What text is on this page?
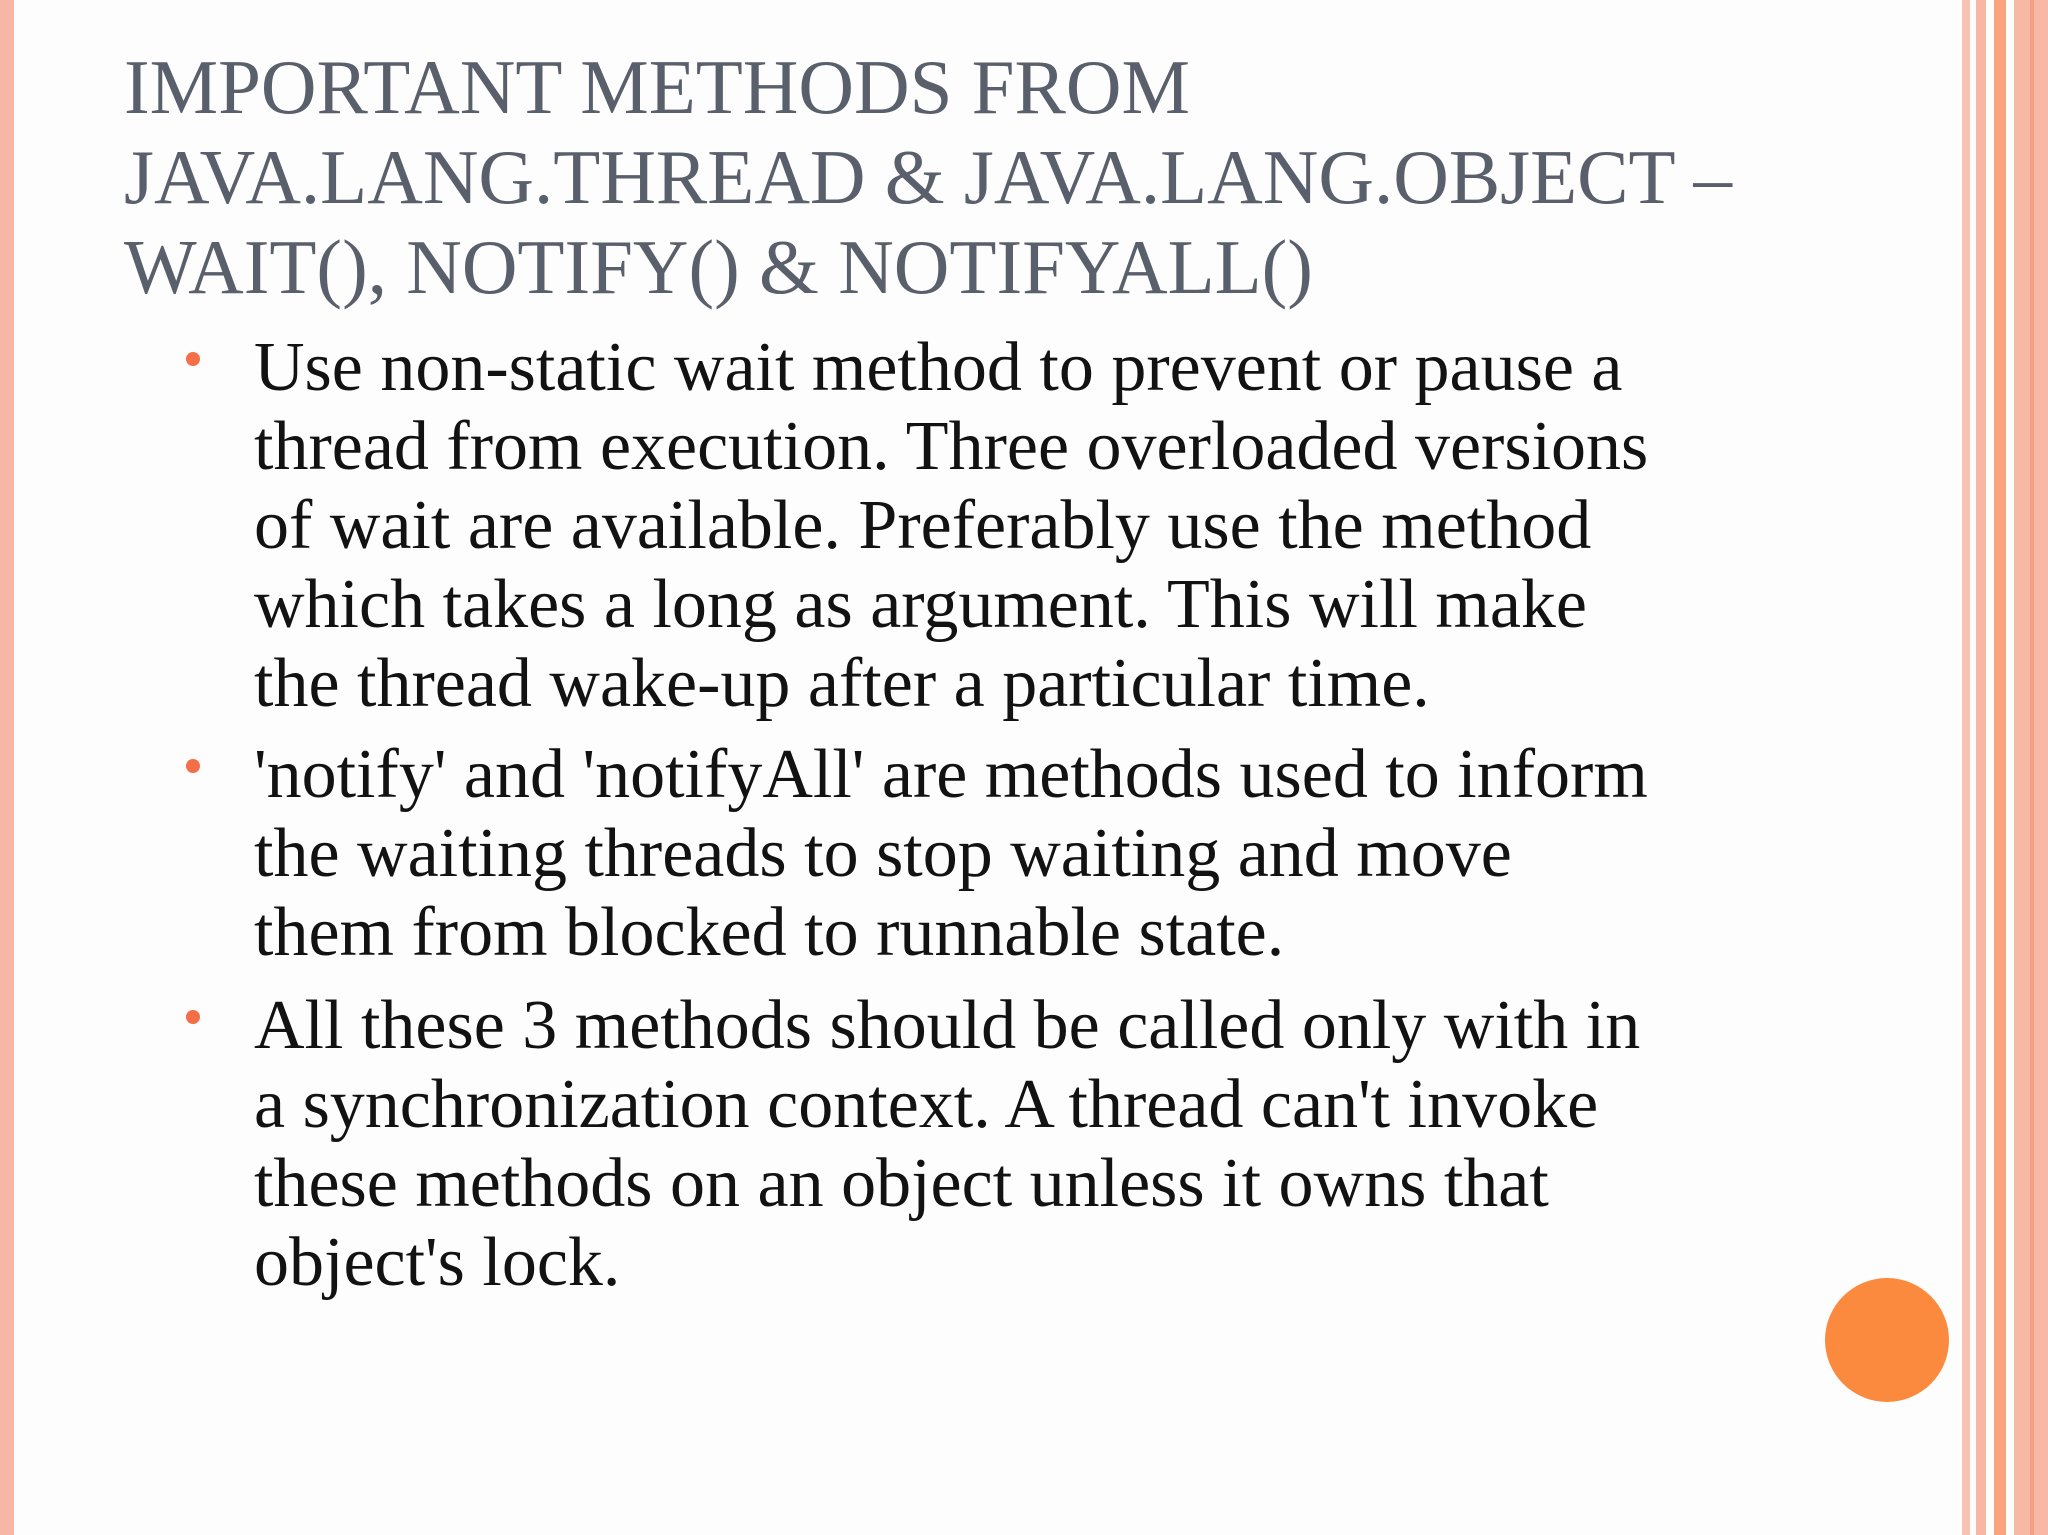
IMPORTANT METHODS FROM
JAVA.LANG.THREAD & JAVA.LANG.OBJECT –
WAIT(), NOTIFY() & NOTIFYALL()
Use non-static wait method to prevent or pause a
thread from execution. Three overloaded versions
of wait are available. Preferably use the method
which takes a long as argument. This will make
the thread wake-up after a particular time.
'notify' and 'notifyAll' are methods used to inform
the waiting threads to stop waiting and move
them from blocked to runnable state.
All these 3 methods should be called only with in
a synchronization context. A thread can't invoke
these methods on an object unless it owns that
object's lock.
